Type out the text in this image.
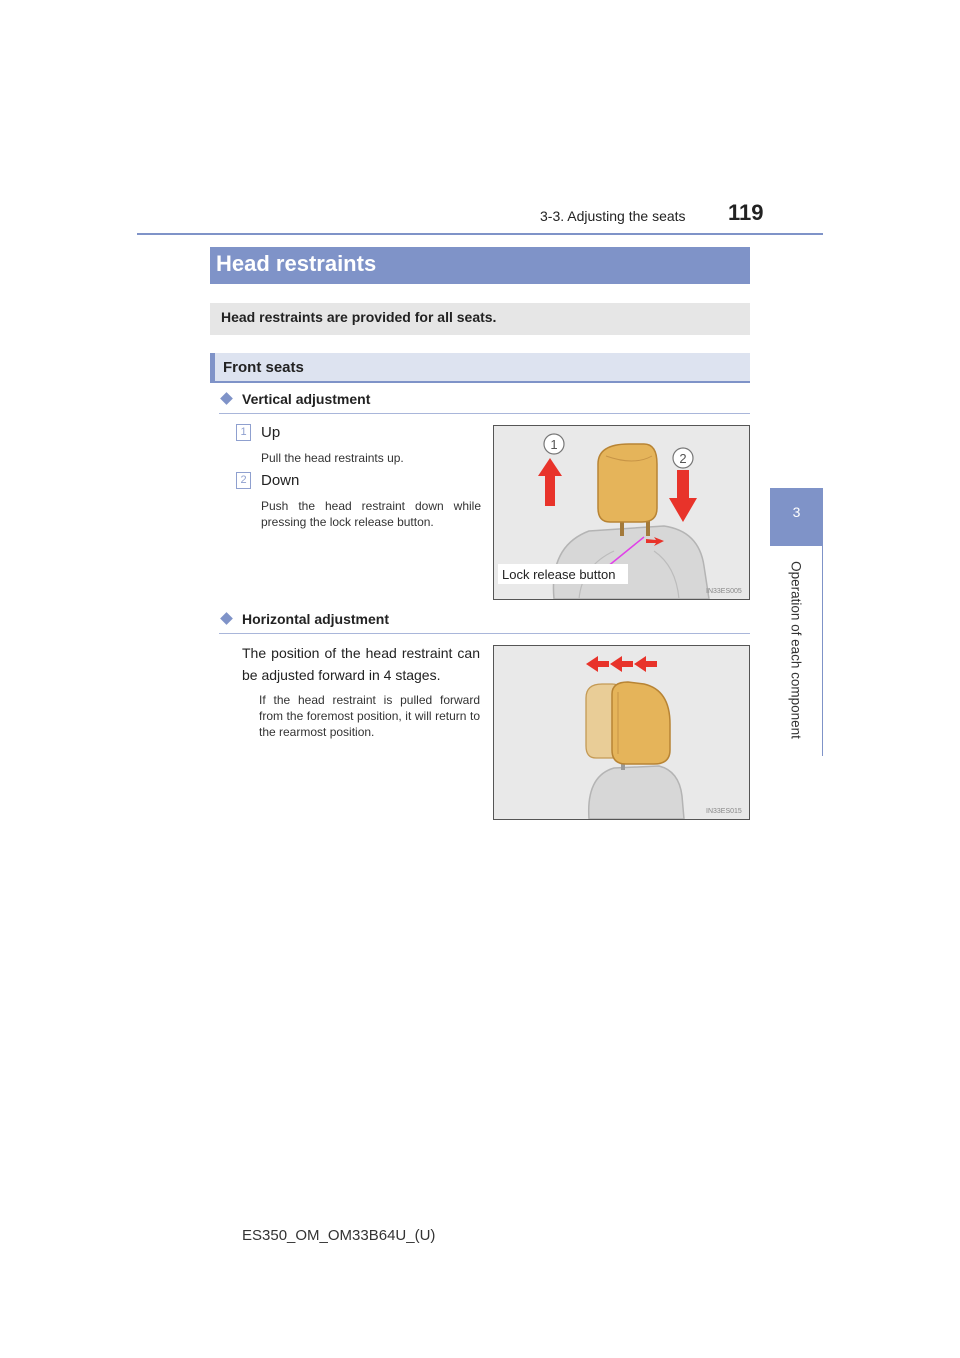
3-3. Adjusting the seats 119
3
Operation of each component
Head restraints
Head restraints are provided for all seats.
Front seats
Vertical adjustment
1 Up
Pull the head restraints up.
2 Down
Push the head restraint down while pressing the lock release button.
1
2
Lock release button
IN33ES005
Horizontal adjustment
The position of the head restraint can be adjusted forward in 4 stages.
If the head restraint is pulled forward from the foremost position, it will return to the rearmost position.
IN33ES015
ES350_OM_OM33B64U_(U)
